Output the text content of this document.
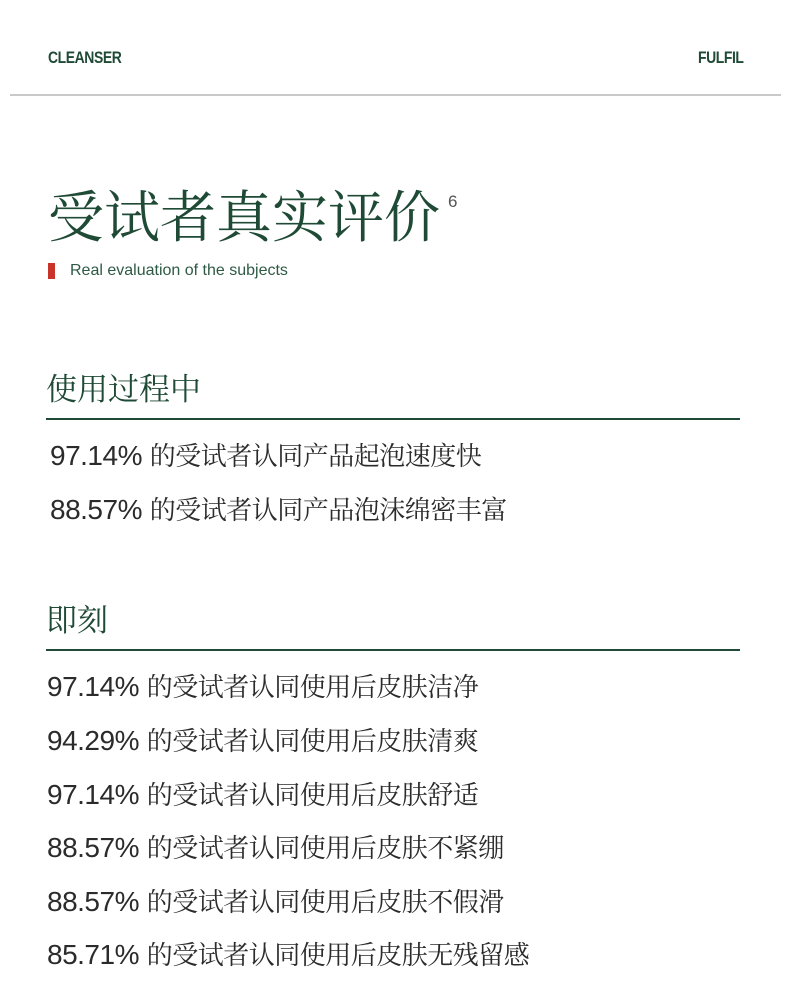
CLEANSER	FULFIL
受试者真实评价 6
Real evaluation of the subjects
使用过程中
97.14% 的受试者认同产品起泡速度快
88.57% 的受试者认同产品泡沫绵密丰富
即刻
97.14% 的受试者认同使用后皮肤洁净
94.29% 的受试者认同使用后皮肤清爽
97.14% 的受试者认同使用后皮肤舒适
88.57% 的受试者认同使用后皮肤不紧绷
88.57% 的受试者认同使用后皮肤不假滑
85.71% 的受试者认同使用后皮肤无残留感
